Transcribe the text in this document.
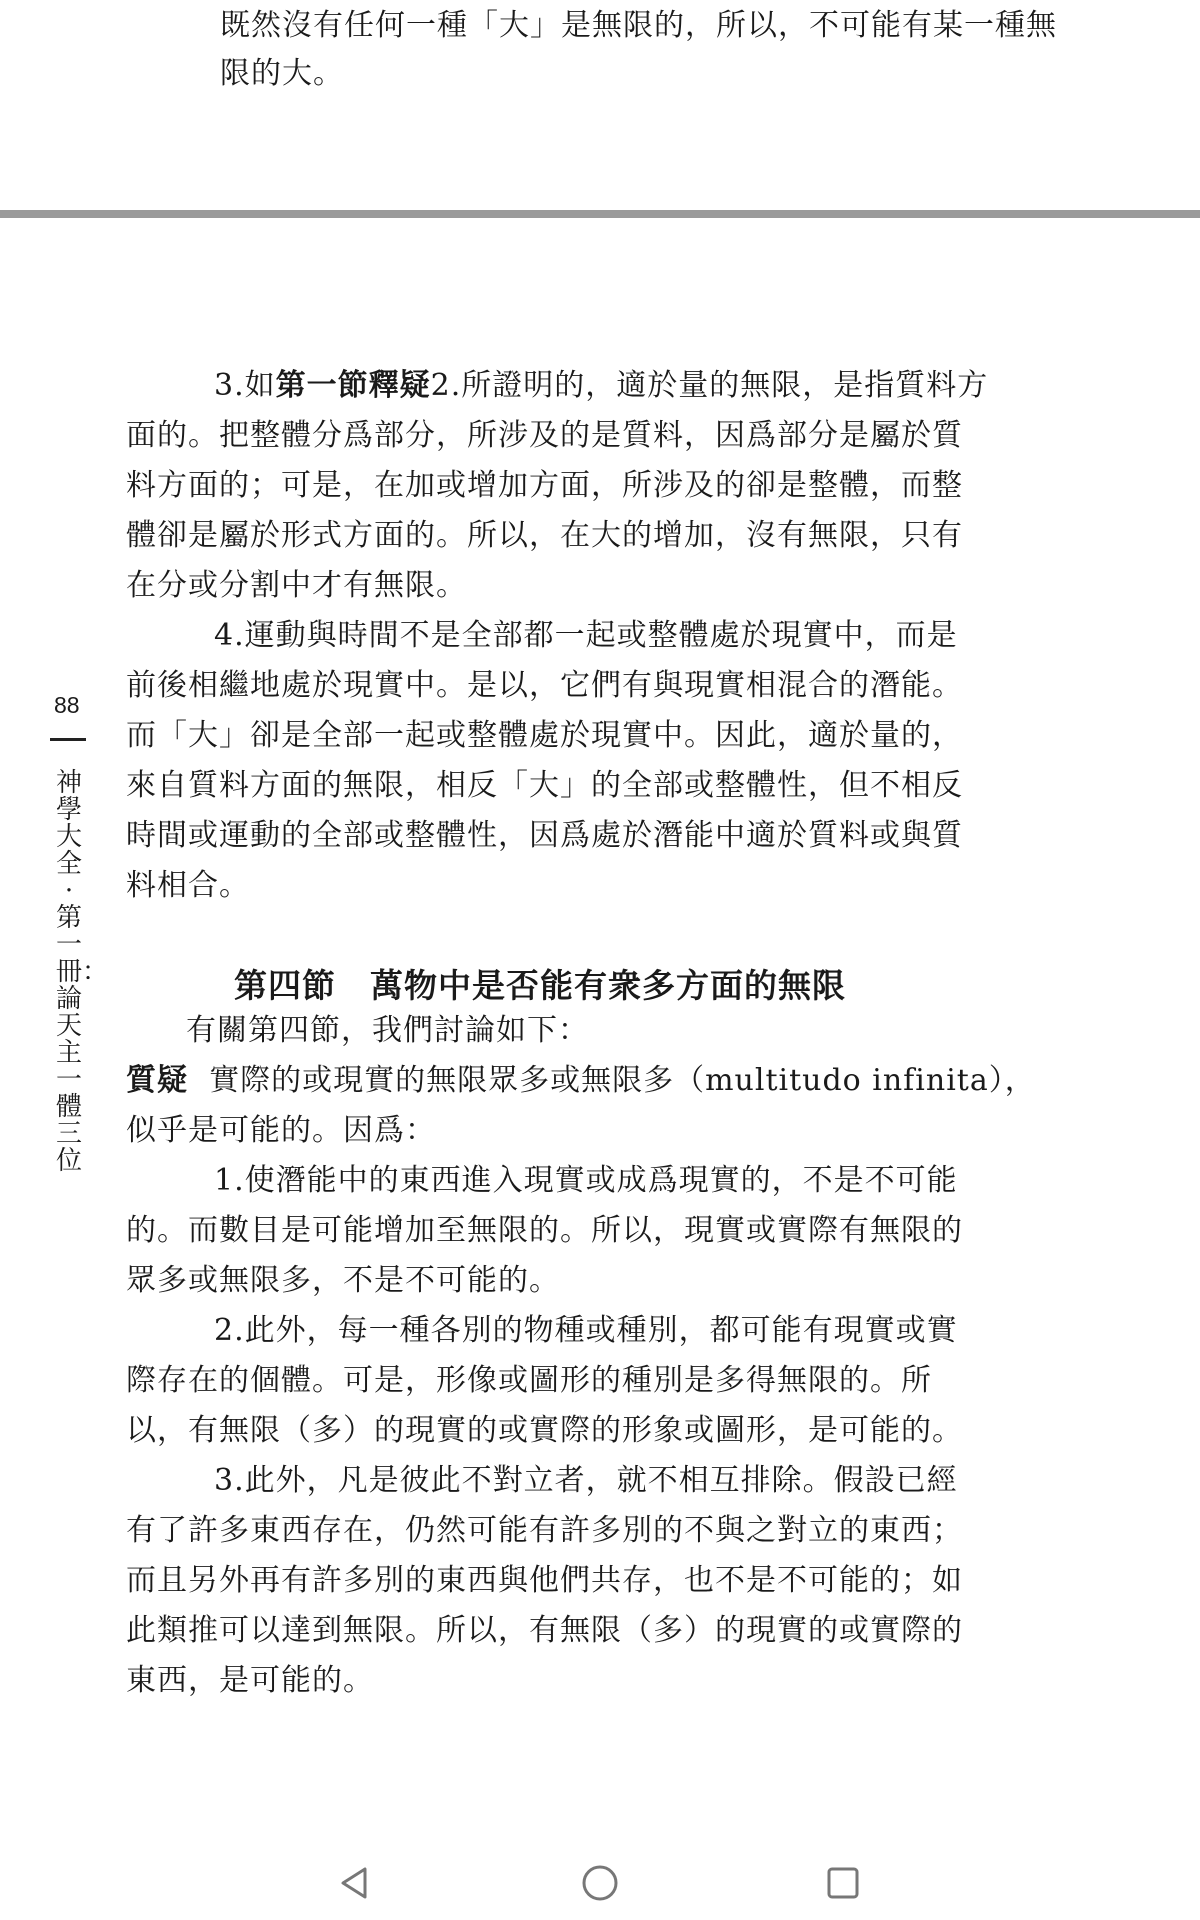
既然沒有任何一種「大」是無限的，所以，不可能有某一種無
限的大。
88
神學大全·第一冊：論天主一體三位
3.如第一節釋疑2.所證明的，適於量的無限，是指質料方
面的。把整體分爲部分，所涉及的是質料，因爲部分是屬於質
料方面的；可是，在加或增加方面，所涉及的卻是整體，而整
體卻是屬於形式方面的。所以，在大的增加，沒有無限，只有
在分或分割中才有無限。
4.運動與時間不是全部都一起或整體處於現實中，而是
前後相繼地處於現實中。是以，它們有與現實相混合的潛能。
而「大」卻是全部一起或整體處於現實中。因此，適於量的，
來自質料方面的無限，相反「大」的全部或整體性，但不相反
時間或運動的全部或整體性，因爲處於潛能中適於質料或與質
料相合。
第四節　萬物中是否能有衆多方面的無限
有關第四節，我們討論如下：
質疑 實際的或現實的無限眾多或無限多（multitudo infinita），
似乎是可能的。因爲：
1.使潛能中的東西進入現實或成爲現實的，不是不可能
的。而數目是可能增加至無限的。所以，現實或實際有無限的
眾多或無限多，不是不可能的。
2.此外，每一種各別的物種或種別，都可能有現實或實
際存在的個體。可是，形像或圖形的種別是多得無限的。所
以，有無限（多）的現實的或實際的形象或圖形，是可能的。
3.此外，凡是彼此不對立者，就不相互排除。假設已經
有了許多東西存在，仍然可能有許多別的不與之對立的東西；
而且另外再有許多別的東西與他們共存，也不是不可能的；如
此類推可以達到無限。所以，有無限（多）的現實的或實際的
東西，是可能的。
